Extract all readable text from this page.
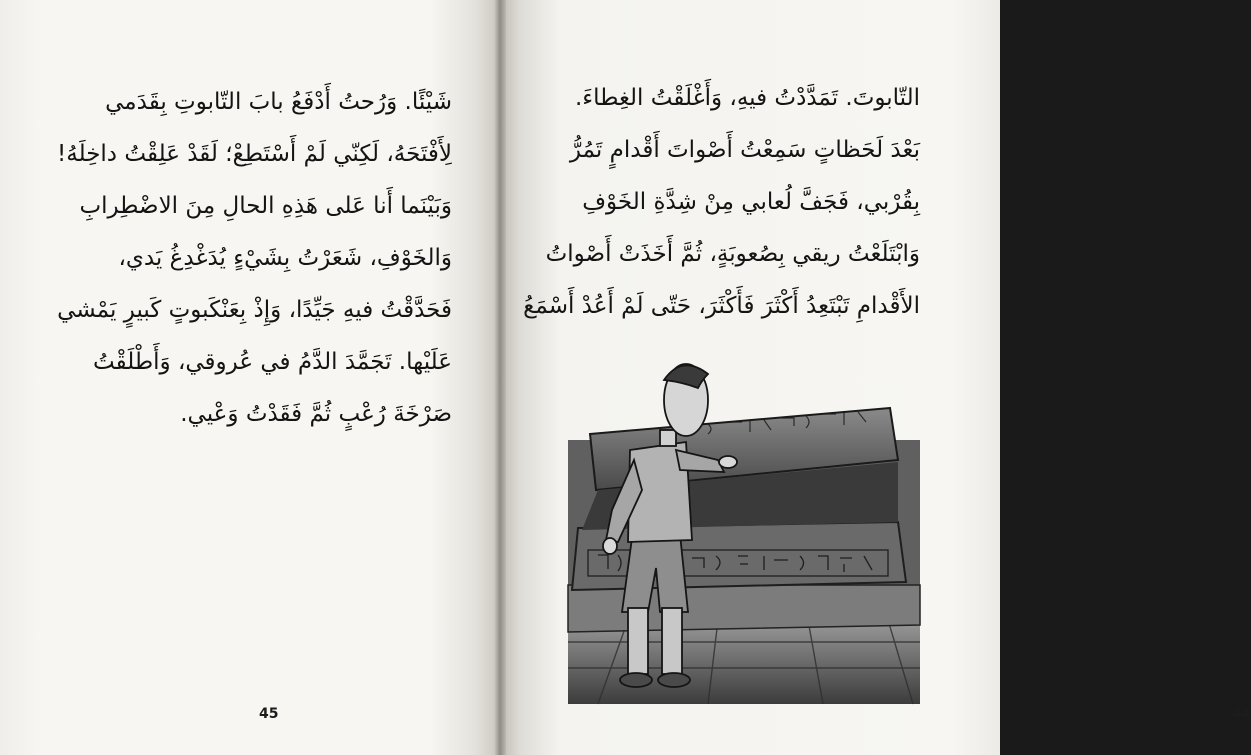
شَيْئًا. وَرُحتُ أَدْفَعُ بابَ التّابوتِ بِقَدَمي
لِأَفْتَحَهُ، لَكِنّي لَمْ أَسْتَطِعْ؛ لَقَدْ عَلِقْتُ داخِلَهُ!
وَبَيْنَما أَنا عَلى هَذِهِ الحالِ مِنَ الاضْطِرابِ
وَالخَوْفِ، شَعَرْتُ بِشَيْءٍ يُدَغْدِغُ يَدي،
فَحَدَّقْتُ فيهِ جَيِّدًا، وَإِذْ بِعَنْكَبوتٍ كَبيرٍ يَمْشي
عَلَيْها. تَجَمَّدَ الدَّمُ في عُروقي، وَأَطْلَقْتُ
صَرْخَةَ رُعْبٍ ثُمَّ فَقَدْتُ وَعْيي.
45
التّابوتَ. تَمَدَّدْتُ فيهِ، وَأَغْلَقْتُ الغِطاءَ.
بَعْدَ لَحَظاتٍ سَمِعْتُ أَصْواتَ أَقْدامٍ تَمُرُّ
بِقُرْبي، فَجَفَّ لُعابي مِنْ شِدَّةِ الخَوْفِ
وَابْتَلَعْتُ ريقي بِصُعوبَةٍ، ثُمَّ أَخَذَتْ أَصْواتُ
الأَقْدامِ تَبْتَعِدُ أَكْثَرَ فَأَكْثَرَ، حَتّى لَمْ أَعُدْ أَسْمَعُ
44
